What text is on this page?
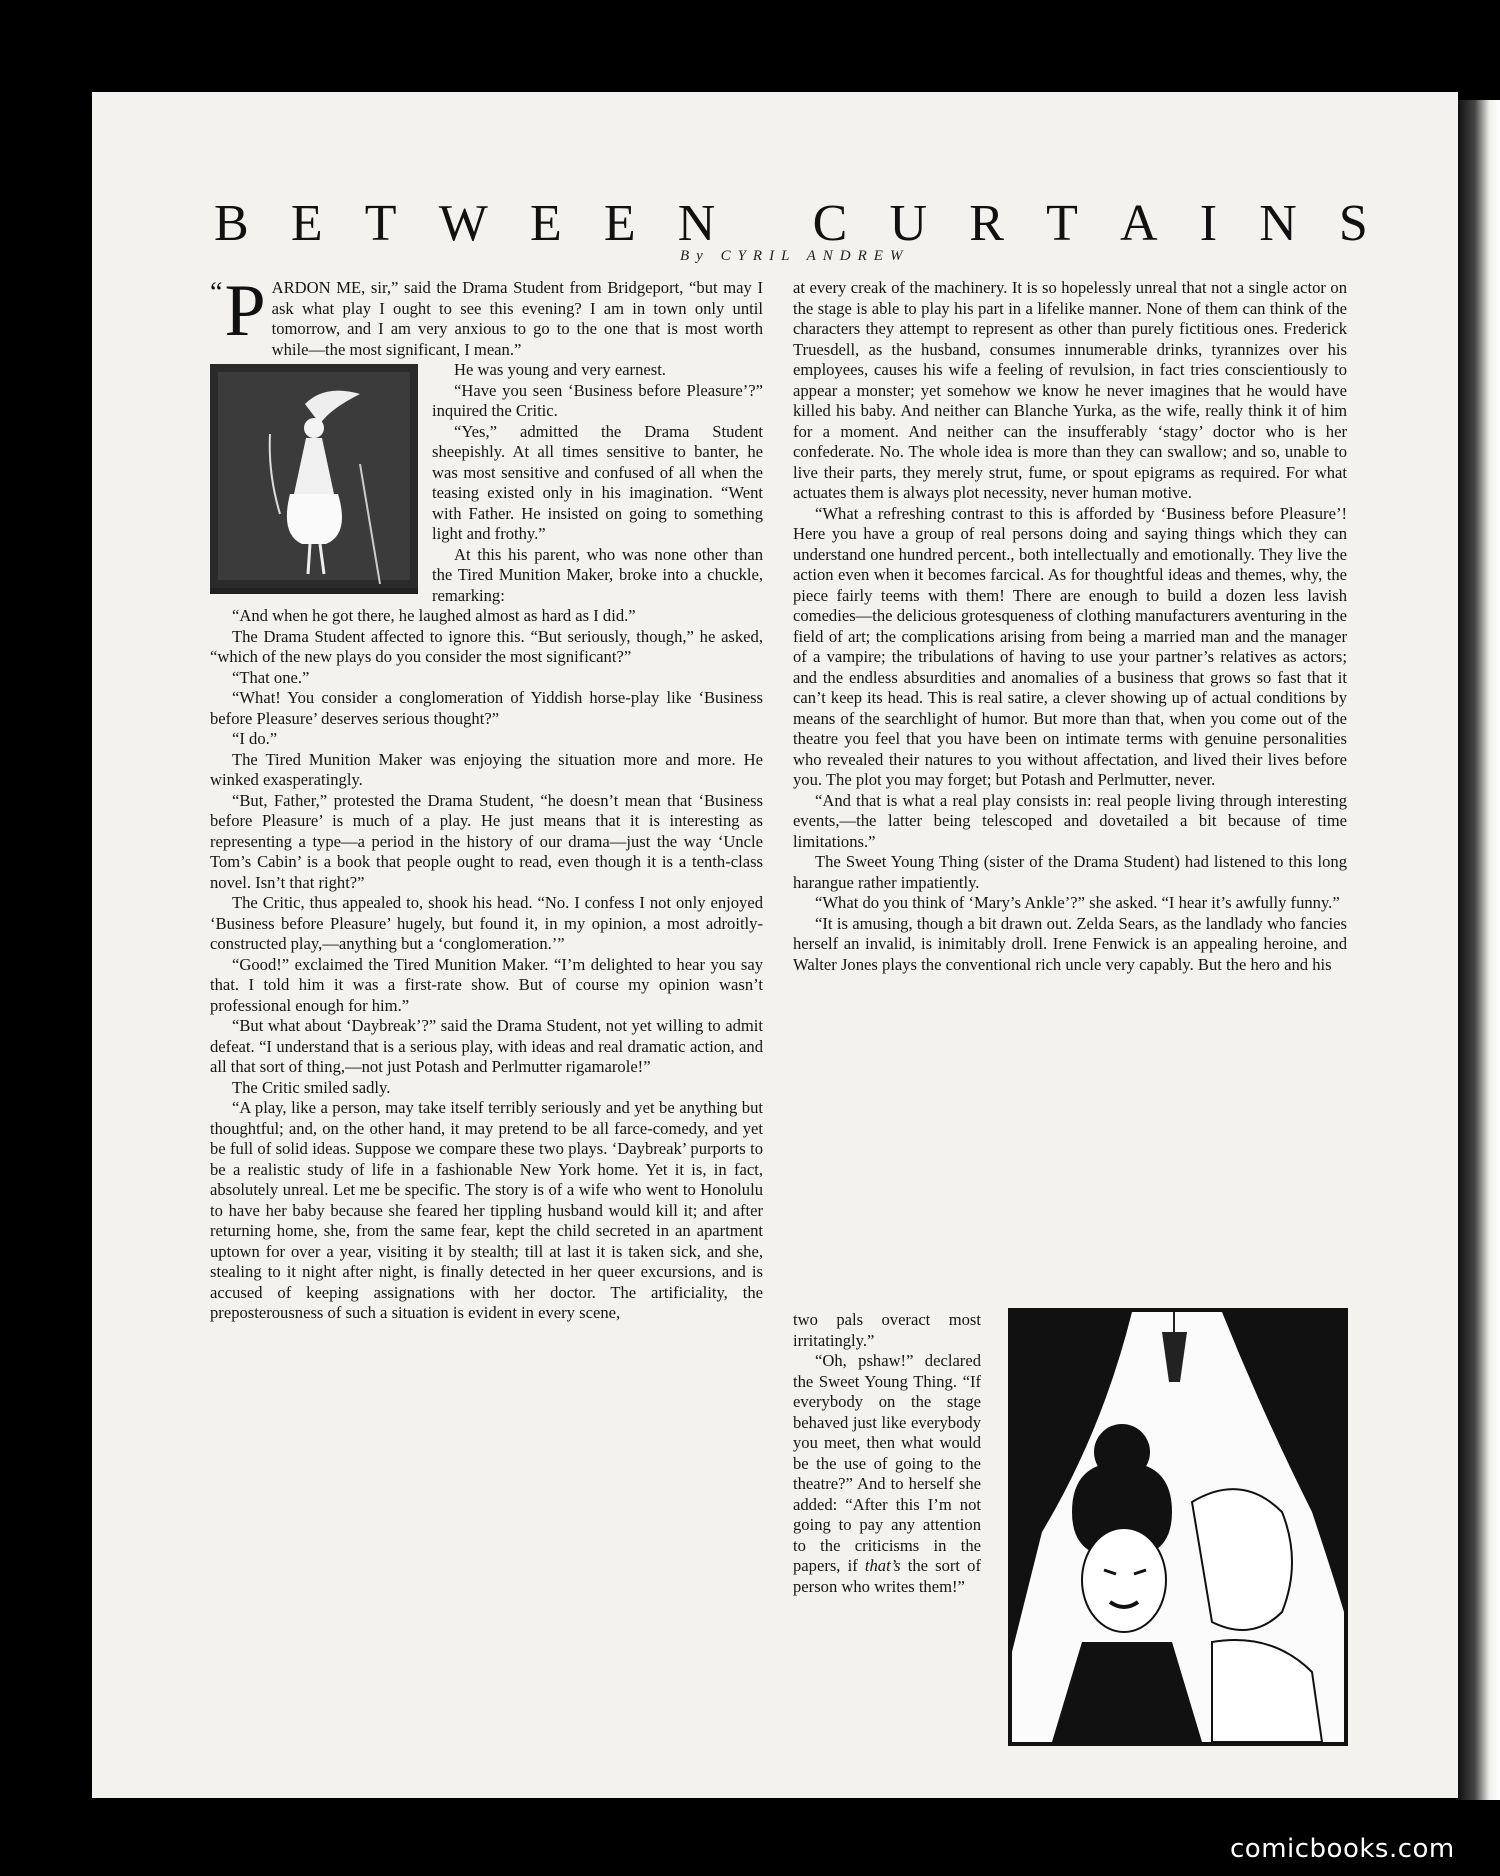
B E T W E E N
C U R T A I N S
By CYRIL ANDREW
“ P ARDON ME, sir,” said the Drama Student from Bridgeport, “but may I ask what play I ought to see this evening? I am in town only until tomorrow, and I am very anxious to go to the one that is most worth while—the most significant, I mean.”

He was young and very earnest.

“Have you seen ‘Business before Pleasure’?” inquired the Critic.

“Yes,” admitted the Drama Student sheepishly. At all times sensitive to banter, he was most sensitive and confused of all when the teasing existed only in his imagination. “Went with Father. He insisted on going to something light and frothy.”

At this his parent, who was none other than the Tired Munition Maker, broke into a chuckle, remarking:

“And when he got there, he laughed almost as hard as I did.”

The Drama Student affected to ignore this. “But seriously, though,” he asked, “which of the new plays do you consider the most significant?”

“That one.”

“What! You consider a conglomeration of Yiddish horse-play like ‘Business before Pleasure’ deserves serious thought?”

“I do.”

The Tired Munition Maker was enjoying the situation more and more. He winked exasperatingly.

“But, Father,” protested the Drama Student, “he doesn’t mean that ‘Business before Pleasure’ is much of a play. He just means that it is interesting as representing a type—a period in the history of our drama—just the way ‘Uncle Tom’s Cabin’ is a book that people ought to read, even though it is a tenth-class novel. Isn’t that right?”

The Critic, thus appealed to, shook his head. “No. I confess I not only enjoyed ‘Business before Pleasure’ hugely, but found it, in my opinion, a most adroitly-constructed play,—anything but a ‘conglomeration.’”

“Good!” exclaimed the Tired Munition Maker. “I’m delighted to hear you say that. I told him it was a first-rate show. But of course my opinion wasn’t professional enough for him.”

“But what about ‘Daybreak’?” said the Drama Student, not yet willing to admit defeat. “I understand that is a serious play, with ideas and real dramatic action, and all that sort of thing,—not just Potash and Perlmutter rigamarole!”

The Critic smiled sadly.

“A play, like a person, may take itself terribly seriously and yet be anything but thoughtful; and, on the other hand, it may pretend to be all farce-comedy, and yet be full of solid ideas. Suppose we compare these two plays. ‘Daybreak’ purports to be a realistic study of life in a fashionable New York home. Yet it is, in fact, absolutely unreal. Let me be specific. The story is of a wife who went to Honolulu to have her baby because she feared her tippling husband would kill it; and after returning home, she, from the same fear, kept the child secreted in an apartment uptown for over a year, visiting it by stealth; till at last it is taken sick, and she, stealing to it night after night, is finally detected in her queer excursions, and is accused of keeping assignations with her doctor. The artificiality, the preposterousness of such a situation is evident in every scene,

at every creak of the machinery. It is so hopelessly unreal that not a single actor on the stage is able to play his part in a lifelike manner. None of them can think of the characters they attempt to represent as other than purely fictitious ones. Frederick Truesdell, as the husband, consumes innumerable drinks, tyrannizes over his employees, causes his wife a feeling of revulsion, in fact tries conscientiously to appear a monster; yet somehow we know he never imagines that he would have killed his baby. And neither can Blanche Yurka, as the wife, really think it of him for a moment. And neither can the insufferably ‘stagy’ doctor who is her confederate. No. The whole idea is more than they can swallow; and so, unable to live their parts, they merely strut, fume, or spout epigrams as required. For what actuates them is always plot necessity, never human motive.

“What a refreshing contrast to this is afforded by ‘Business before Pleasure’! Here you have a group of real persons doing and saying things which they can understand one hundred percent., both intellectually and emotionally. They live the action even when it becomes farcical. As for thoughtful ideas and themes, why, the piece fairly teems with them! There are enough to build a dozen less lavish comedies—the delicious grotesqueness of clothing manufacturers aventuring in the field of art; the complications arising from being a married man and the manager of a vampire; the tribulations of having to use your partner’s relatives as actors; and the endless absurdities and anomalies of a business that grows so fast that it can’t keep its head. This is real satire, a clever showing up of actual conditions by means of the searchlight of humor. But more than that, when you come out of the theatre you feel that you have been on intimate terms with genuine personalities who revealed their natures to you without affectation, and lived their lives before you. The plot you may forget; but Potash and Perlmutter, never.

“And that is what a real play consists in: real people living through interesting events,—the latter being telescoped and dovetailed a bit because of time limitations.”

The Sweet Young Thing (sister of the Drama Student) had listened to this long harangue rather impatiently.

“What do you think of ‘Mary’s Ankle’?” she asked. “I hear it’s awfully funny.”

“It is amusing, though a bit drawn out. Zelda Sears, as the landlady who fancies herself an invalid, is inimitably droll. Irene Fenwick is an appealing heroine, and Walter Jones plays the conventional rich uncle very capably. But the hero and his

two pals overact most irritatingly.”

“Oh, pshaw!” declared the Sweet Young Thing. “If everybody on the stage behaved just like everybody you meet, then what would be the use of going to the theatre?” And to herself she added: “After this I’m not going to pay any attention to the criticisms in the papers, if that’s the sort of person who writes them!”

comicbooks.com
